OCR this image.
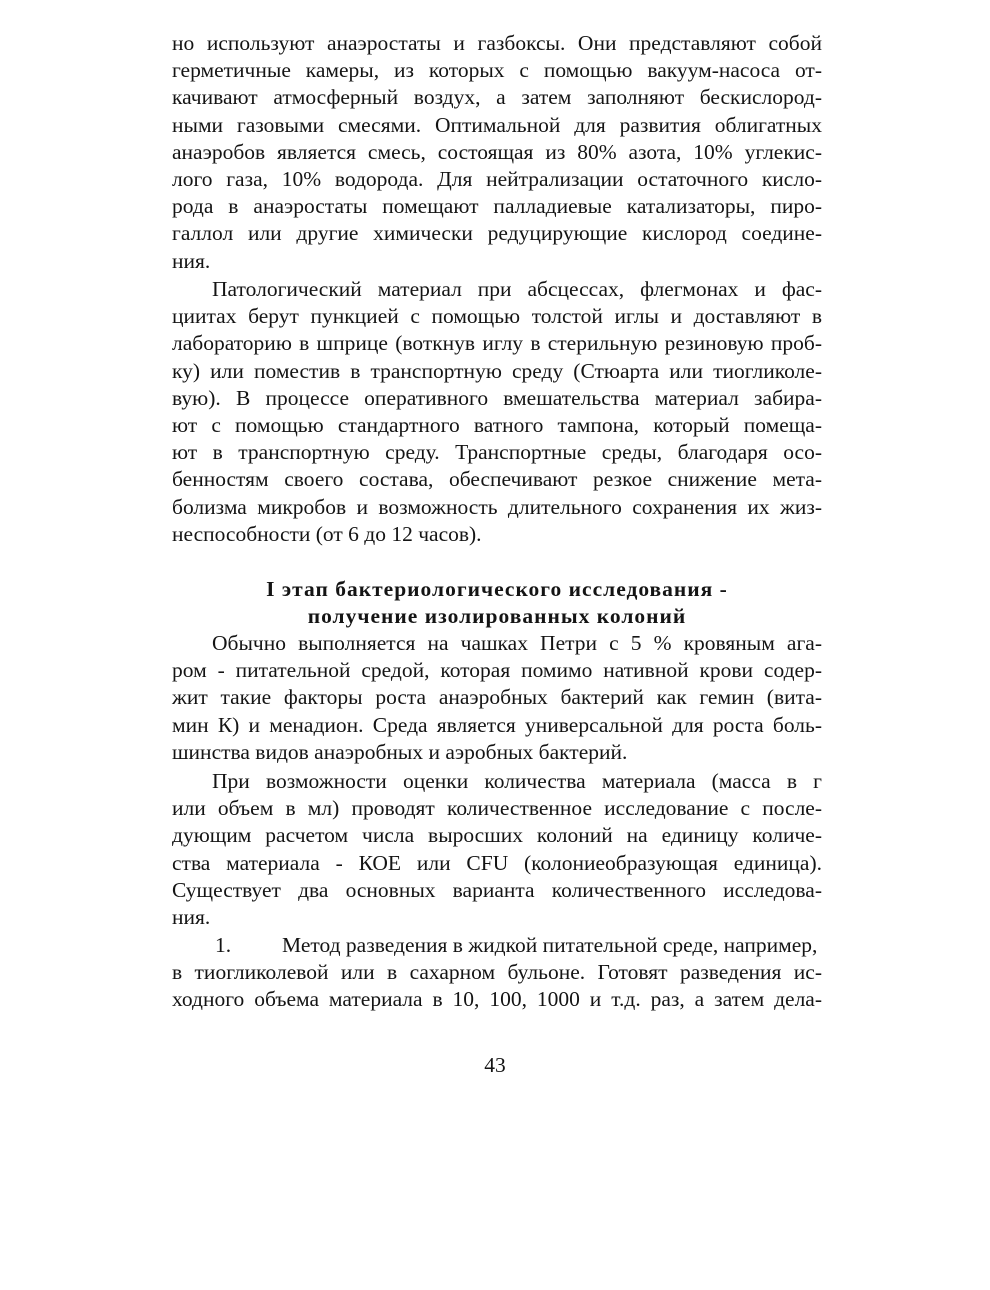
но используют анаэростаты и газбоксы. Они представляют собой
герметичные камеры, из которых с помощью вакуум-насоса от-
качивают атмосферный воздух, а затем заполняют бескислород-
ными газовыми смесями. Оптимальной для развития облигатных
анаэробов является смесь, состоящая из 80% азота, 10% углекис-
лого газа, 10% водорода. Для нейтрализации остаточного кисло-
рода в анаэростаты помещают палладиевые катализаторы, пиро-
галлол или другие химически редуцирующие кислород соедине-
ния.
Патологический материал при абсцессах, флегмонах и фас-
циитах берут пункцией с помощью толстой иглы и доставляют в
лабораторию в шприце (воткнув иглу в стерильную резиновую проб-
ку) или поместив в транспортную среду (Стюарта или тиогликоле-
вую). В процессе оперативного вмешательства материал забира-
ют с помощью стандартного ватного тампона, который помеща-
ют в транспортную среду. Транспортные среды, благодаря осо-
бенностям своего состава, обеспечивают резкое снижение мета-
болизма микробов и возможность длительного сохранения их жиз-
неспособности (от 6 до 12 часов).
I этап бактериологического исследования -
получение изолированных колоний
Обычно выполняется на чашках Петри с 5 % кровяным ага-
ром - питательной средой, которая помимо нативной крови содер-
жит такие факторы роста анаэробных бактерий как гемин (вита-
мин К) и менадион. Среда является универсальной для роста боль-
шинства видов анаэробных и аэробных бактерий.
При возможности оценки количества материала (масса в г
или объем в мл) проводят количественное исследование с после-
дующим расчетом числа выросших колоний на единицу количе-
ства материала - КОЕ или CFU (колониеобразующая единица).
Существует два основных варианта количественного исследова-
ния.
1. Метод разведения в жидкой питательной среде, например,
в тиогликолевой или в сахарном бульоне. Готовят разведения ис-
ходного объема материала в 10, 100, 1000 и т.д. раз, а затем дела-
43
